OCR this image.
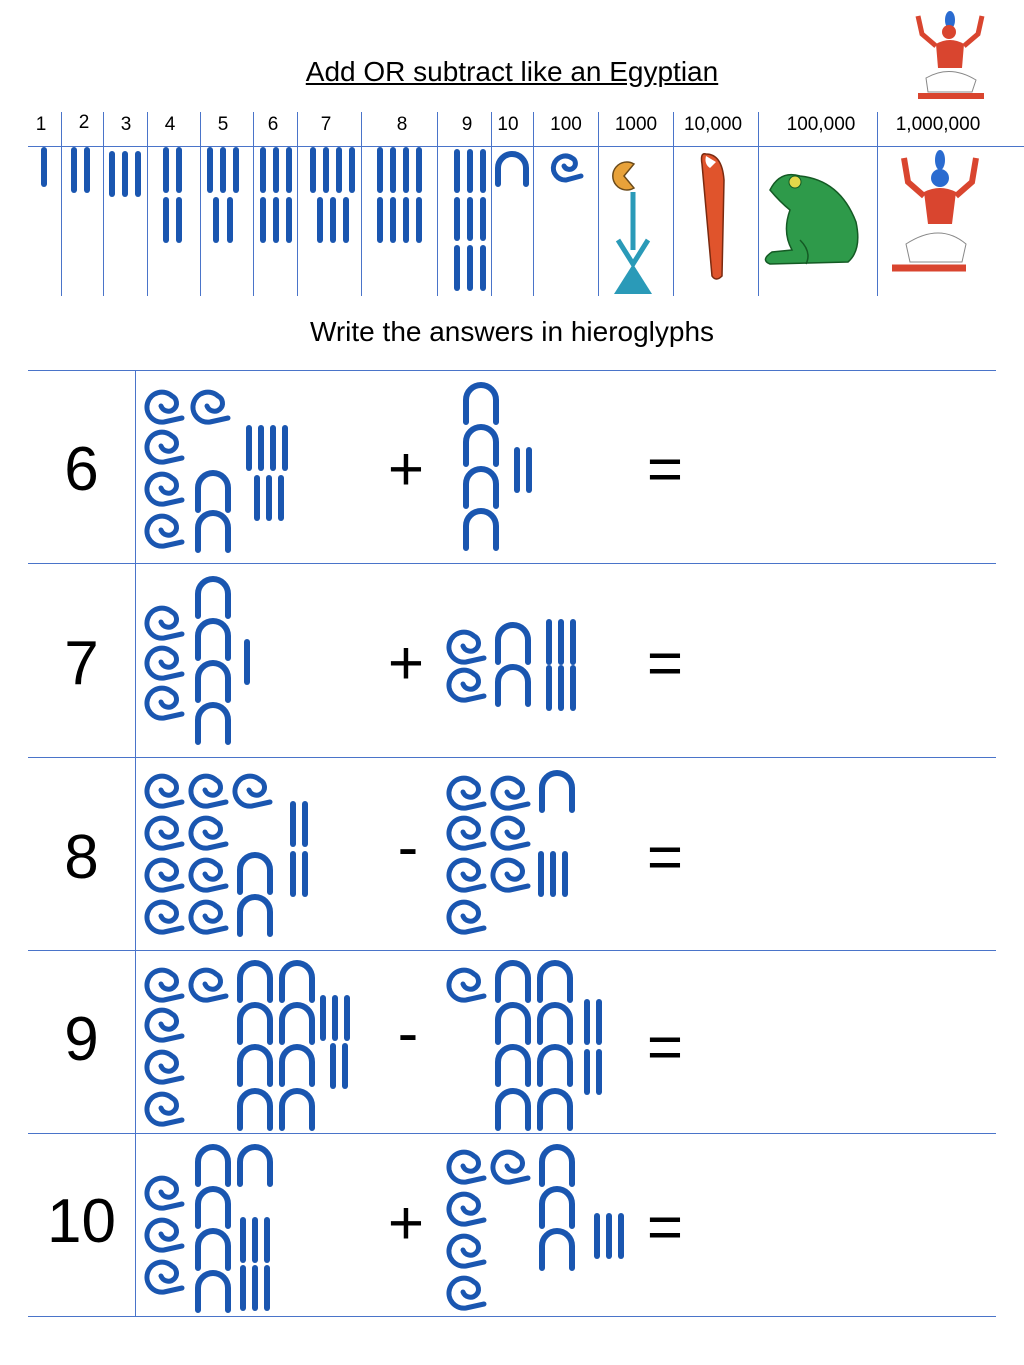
Add OR subtract like an Egyptian
1 2 3 4 5 6 7	8	9 10 100 1000 10,000 100,000 1,000,000
Write the answers in hieroglyphs
6
7
8
9
10
+
+
-
-
+
=
=
=
=
=
